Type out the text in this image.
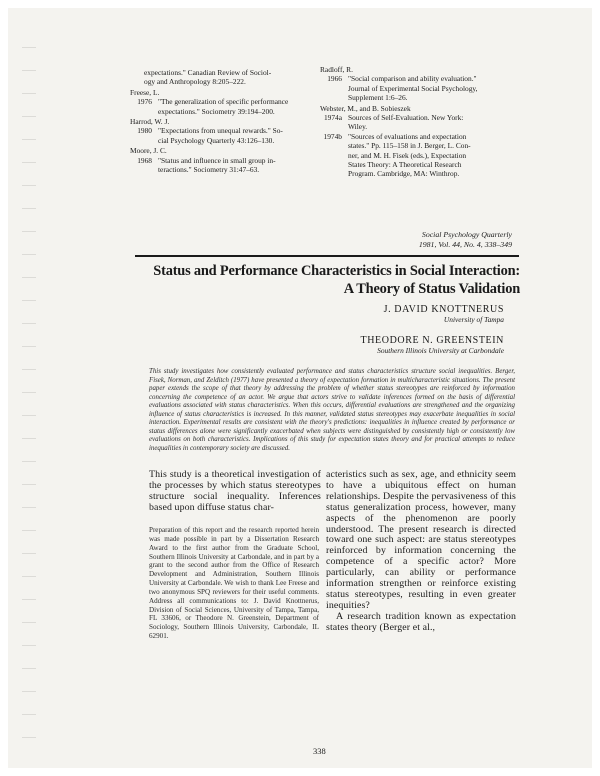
expectations." Canadian Review of Sociol-
ogy and Anthropology 8:205–222.
Freese, L.
1976 "The generalization of specific performance
expectations." Sociometry 39:194–200.
Harrod, W. J.
1980 "Expectations from unequal rewards." So-
cial Psychology Quarterly 43:126–130.
Moore, J. C.
1968 "Status and influence in small group in-
teractions." Sociometry 31:47–63.
Radloff, R.
1966 "Social comparison and ability evaluation."
Journal of Experimental Social Psychology,
Supplement 1:6–26.
Webster, M., and B. Sobieszek
1974a Sources of Self-Evaluation. New York:
Wiley.
1974b "Sources of evaluations and expectation
states." Pp. 115–158 in J. Berger, L. Con-
ner, and M. H. Fisek (eds.), Expectation
States Theory: A Theoretical Research
Program. Cambridge, MA: Winthrop.
Social Psychology Quarterly
1981, Vol. 44, No. 4, 338–349
Status and Performance Characteristics in Social Interaction:
A Theory of Status Validation
J. DAVID KNOTTNERUS
University of Tampa
THEODORE N. GREENSTEIN
Southern Illinois University at Carbondale
This study investigates how consistently evaluated performance and status characteristics structure social inequalities. Berger, Fisek, Norman, and Zelditch (1977) have presented a theory of expectation formation in multicharacteristic situations. The present paper extends the scope of that theory by addressing the problem of whether status stereotypes are reinforced by information concerning the competence of an actor. We argue that actors strive to validate inferences formed on the basis of differential evaluations associated with status characteristics. When this occurs, differential evaluations are strengthened and the organizing influence of status characteristics is increased. In this manner, validated status stereotypes may exacerbate inequalities in social interaction. Experimental results are consistent with the theory's predictions: inequalities in influence created by performance or status differences alone were significantly exacerbated when subjects were distinguished by consistently high or consistently low evaluations on both characteristics. Implications of this study for expectation states theory and for practical attempts to reduce inequalities in contemporary society are discussed.
This study is a theoretical investigation of the processes by which status stereotypes structure social inequality. Inferences based upon diffuse status char-
Preparation of this report and the research reported herein was made possible in part by a Dissertation Research Award to the first author from the Graduate School, Southern Illinois University at Carbondale, and in part by a grant to the second author from the Office of Research Development and Administration, Southern Illinois University at Carbondale. We wish to thank Lee Freese and two anonymous SPQ reviewers for their useful comments. Address all communications to: J. David Knottnerus, Division of Social Sciences, University of Tampa, Tampa, FL 33606, or Theodore N. Greenstein, Department of Sociology, Southern Illinois University, Carbondale, IL 62901.
acteristics such as sex, age, and ethnicity seem to have a ubiquitous effect on human relationships. Despite the pervasiveness of this status generalization process, however, many aspects of the phenomenon are poorly understood. The present research is directed toward one such aspect: are status stereotypes reinforced by information concerning the competence of a specific actor? More particularly, can ability or performance information strengthen or reinforce existing status stereotypes, resulting in even greater inequities?
A research tradition known as expectation states theory (Berger et al.,
338
